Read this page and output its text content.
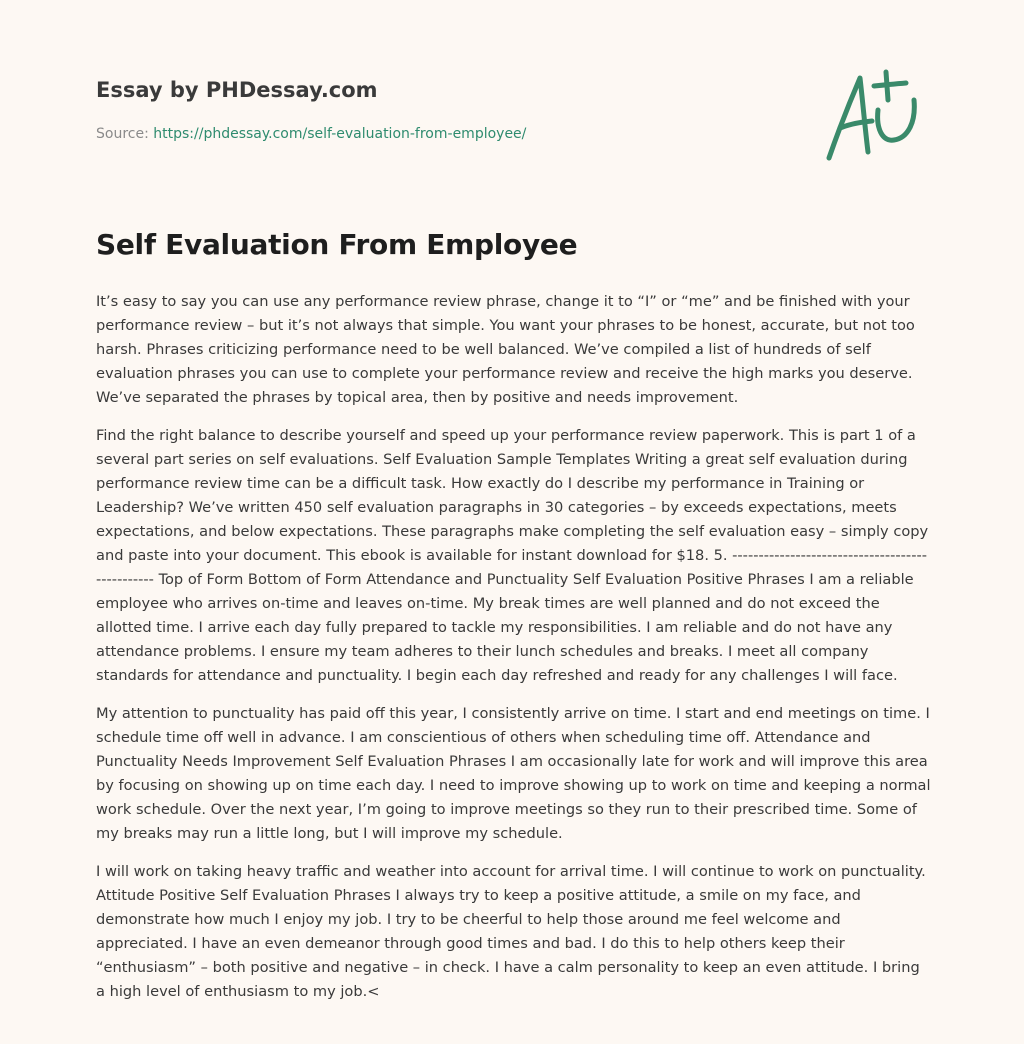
Essay by PHDessay.com

Source: https://phdessay.com/self-evaluation-from-employee/
Self Evaluation From Employee

It’s easy to say you can use any performance review phrase, change it to “I” or “me” and be finished with your performance review – but it’s not always that simple. You want your phrases to be honest, accurate, but not too harsh. Phrases criticizing performance need to be well balanced. We’ve compiled a list of hundreds of self evaluation phrases you can use to complete your performance review and receive the high marks you deserve. We’ve separated the phrases by topical area, then by positive and needs improvement.

Find the right balance to describe yourself and speed up your performance review paperwork. This is part 1 of a several part series on self evaluations. Self Evaluation Sample Templates Writing a great self evaluation during performance review time can be a difficult task. How exactly do I describe my performance in Training or Leadership? We’ve written 450 self evaluation paragraphs in 30 categories – by exceeds expectations, meets expectations, and below expectations. These paragraphs make completing the self evaluation easy – simply copy and paste into your document. This ebook is available for instant download for $18. 5. ------------------------------------------------ Top of Form Bottom of Form Attendance and Punctuality Self Evaluation Positive Phrases I am a reliable employee who arrives on-time and leaves on-time. My break times are well planned and do not exceed the allotted time. I arrive each day fully prepared to tackle my responsibilities. I am reliable and do not have any attendance problems. I ensure my team adheres to their lunch schedules and breaks. I meet all company standards for attendance and punctuality. I begin each day refreshed and ready for any challenges I will face.

My attention to punctuality has paid off this year, I consistently arrive on time. I start and end meetings on time. I schedule time off well in advance. I am conscientious of others when scheduling time off. Attendance and Punctuality Needs Improvement Self Evaluation Phrases I am occasionally late for work and will improve this area by focusing on showing up on time each day. I need to improve showing up to work on time and keeping a normal work schedule. Over the next year, I’m going to improve meetings so they run to their prescribed time. Some of my breaks may run a little long, but I will improve my schedule.

I will work on taking heavy traffic and weather into account for arrival time. I will continue to work on punctuality. Attitude Positive Self Evaluation Phrases I always try to keep a positive attitude, a smile on my face, and demonstrate how much I enjoy my job. I try to be cheerful to help those around me feel welcome and appreciated. I have an even demeanor through good times and bad. I do this to help others keep their “enthusiasm” – both positive and negative – in check. I have a calm personality to keep an even attitude. I bring a high level of enthusiasm to my job.<
